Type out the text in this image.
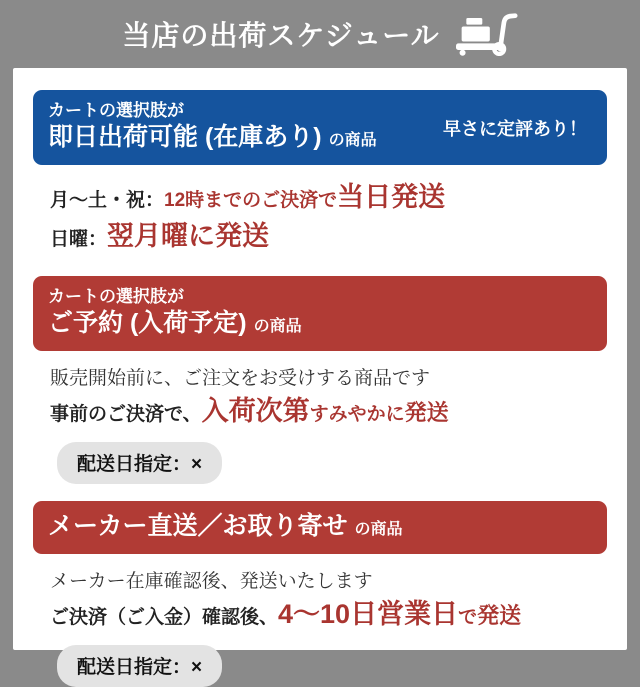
当店の出荷スケジュール
カートの選択肢が
即日出荷可能 (在庫あり) の商品
早さに定評あり！
月〜土・祝：12時までのご決済で当日発送
日曜：翌月曜に発送
カートの選択肢が
ご予約 (入荷予定) の商品
販売開始前に、ご注文をお受けする商品です
事前のご決済で、入荷次第すみやかに発送
配送日指定：×
メーカー直送／お取り寄せ の商品
メーカー在庫確認後、発送いたします
ご決済（ご入金）確認後、4〜10日営業日で発送
配送日指定：×
